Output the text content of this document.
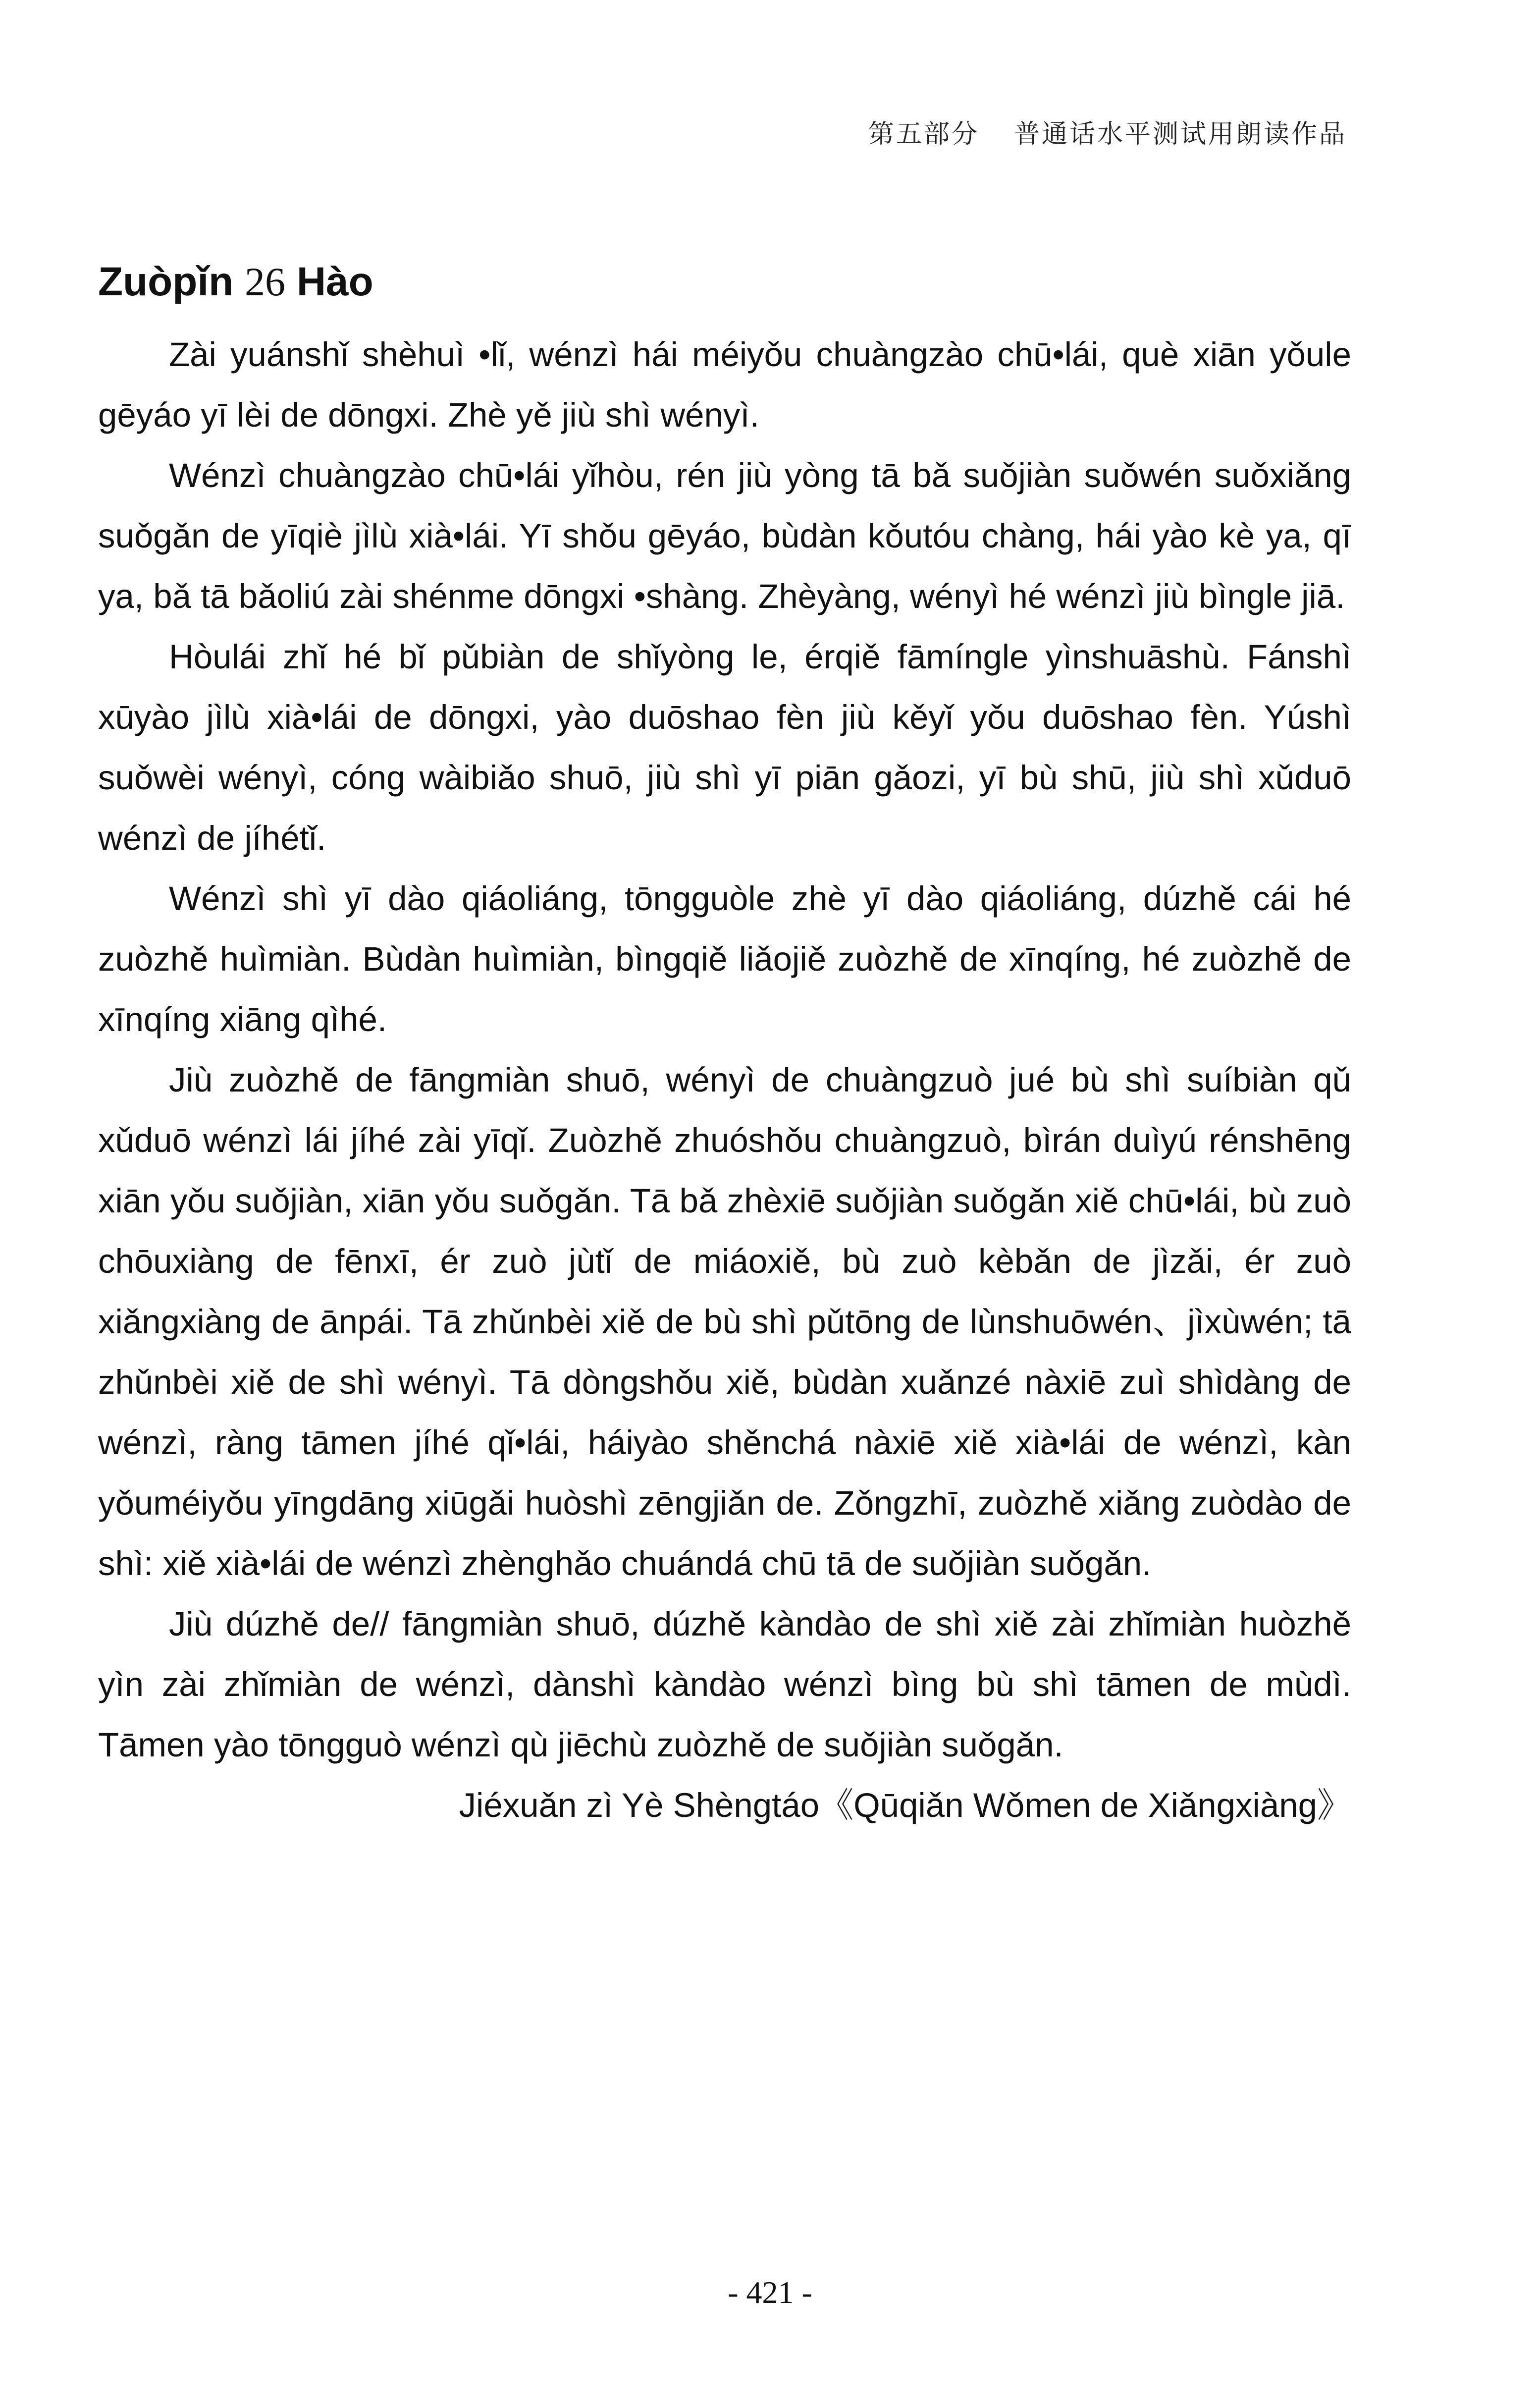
第五部分 普通话水平测试用朗读作品
Zuòpǐn 26 Hào

Zài yuánshǐ shèhuì •lǐ, wénzì hái méiyǒu chuàngzào chū•lái, què xiān yǒule gēyáo yī lèi de dōngxi. Zhè yě jiù shì wényì.

Wénzì chuàngzào chū•lái yǐhòu, rén jiù yòng tā bǎ suǒjiàn suǒwén suǒxiǎng suǒgǎn de yīqiè jìlù xià•lái. Yī shǒu gēyáo, bùdàn kǒutóu chàng, hái yào kè ya, qī ya, bǎ tā bǎoliú zài shénme dōngxi •shàng. Zhèyàng, wényì hé wénzì jiù bìngle jiā.

Hòulái zhǐ hé bǐ pǔbiàn de shǐyòng le, érqiě fāmíngle yìnshuāshù. Fánshì xūyào jìlù xià•lái de dōngxi, yào duōshao fèn jiù kěyǐ yǒu duōshao fèn. Yúshì suǒwèi wényì, cóng wàibiǎo shuō, jiù shì yī piān gǎozi, yī bù shū, jiù shì xǔduō wénzì de jíhétǐ.

Wénzì shì yī dào qiáoliáng, tōngguòle zhè yī dào qiáoliáng, dúzhě cái hé zuòzhě huìmiàn. Bùdàn huìmiàn, bìngqiě liǎojiě zuòzhě de xīnqíng, hé zuòzhě de xīnqíng xiāng qìhé.

Jiù zuòzhě de fāngmiàn shuō, wényì de chuàngzuò jué bù shì suíbiàn qǔ xǔduō wénzì lái jíhé zài yīqǐ. Zuòzhě zhuóshǒu chuàngzuò, bìrán duìyú rénshēng xiān yǒu suǒjiàn, xiān yǒu suǒgǎn. Tā bǎ zhèxiē suǒjiàn suǒgǎn xiě chū•lái, bù zuò chōuxiàng de fēnxī, ér zuò jùtǐ de miáoxiě, bù zuò kèbǎn de jìzǎi, ér zuò xiǎngxiàng de ānpái. Tā zhǔnbèi xiě de bù shì pǔtōng de lùnshuōwén、jìxùwén; tā zhǔnbèi xiě de shì wényì. Tā dòngshǒu xiě, bùdàn xuǎnzé nàxiē zuì shìdàng de wénzì, ràng tāmen jíhé qǐ•lái, háiyào shěnchá nàxiē xiě xià•lái de wénzì, kàn yǒuméiyǒu yīngdāng xiūgǎi huòshì zēngjiǎn de. Zǒngzhī, zuòzhě xiǎng zuòdào de shì: xiě xià•lái de wénzì zhènghǎo chuándá chū tā de suǒjiàn suǒgǎn.

Jiù dúzhě de// fāngmiàn shuō, dúzhě kàndào de shì xiě zài zhǐmiàn huòzhě yìn zài zhǐmiàn de wénzì, dànshì kàndào wénzì bìng bù shì tāmen de mùdì. Tāmen yào tōngguò wénzì qù jiēchù zuòzhě de suǒjiàn suǒgǎn.

Jiéxuǎn zì Yè Shèngtáo《Qūqiǎn Wǒmen de Xiǎngxiàng》
- 421 -
